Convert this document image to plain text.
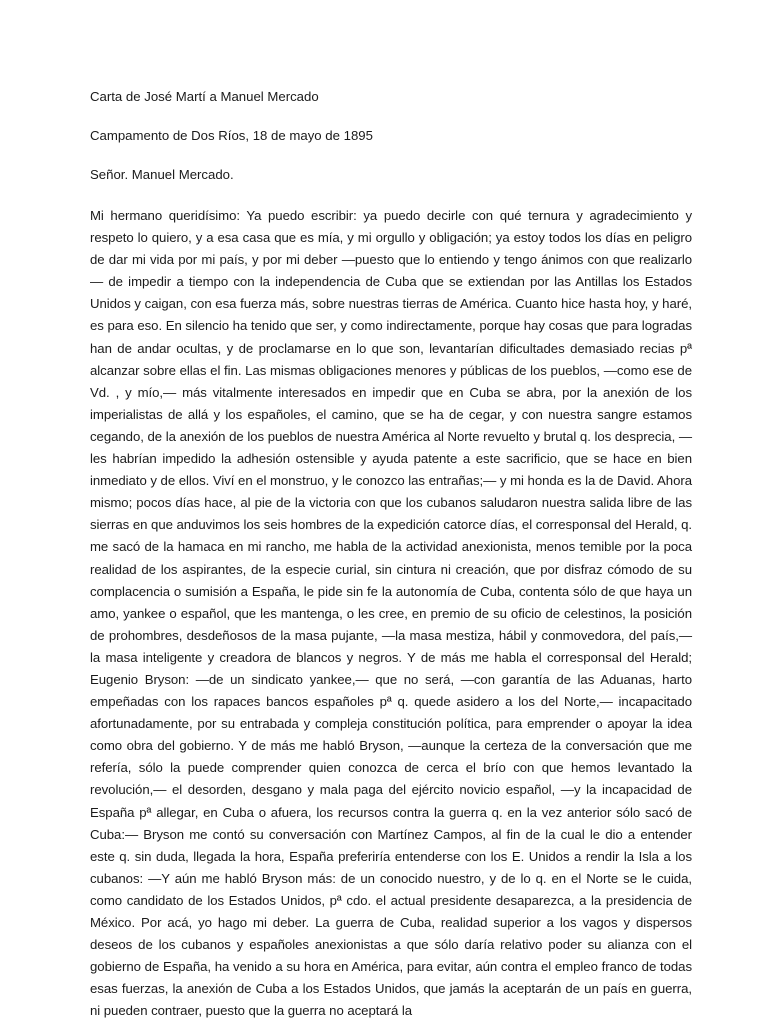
Carta de José Martí a Manuel Mercado

Campamento de Dos Ríos, 18 de mayo de 1895

Señor. Manuel Mercado.

Mi hermano queridísimo: Ya puedo escribir: ya puedo decirle con qué ternura y agradecimiento y respeto lo quiero, y a esa casa que es mía, y mi orgullo y obligación; ya estoy todos los días en peligro de dar mi vida por mi país, y por mi deber —puesto que lo entiendo y tengo ánimos con que realizarlo— de impedir a tiempo con la independencia de Cuba que se extiendan por las Antillas los Estados Unidos y caigan, con esa fuerza más, sobre nuestras tierras de América. Cuanto hice hasta hoy, y haré, es para eso. En silencio ha tenido que ser, y como indirectamente, porque hay cosas que para logradas han de andar ocultas, y de proclamarse en lo que son, levantarían dificultades demasiado recias pª alcanzar sobre ellas el fin. Las mismas obligaciones menores y públicas de los pueblos, —como ese de Vd. , y mío,— más vitalmente interesados en impedir que en Cuba se abra, por la anexión de los imperialistas de allá y los españoles, el camino, que se ha de cegar, y con nuestra sangre estamos cegando, de la anexión de los pueblos de nuestra América al Norte revuelto y brutal q. los desprecia, —les habrían impedido la adhesión ostensible y ayuda patente a este sacrificio, que se hace en bien inmediato y de ellos. Viví en el monstruo, y le conozco las entrañas;— y mi honda es la de David. Ahora mismo; pocos días hace, al pie de la victoria con que los cubanos saludaron nuestra salida libre de las sierras en que anduvimos los seis hombres de la expedición catorce días, el corresponsal del Herald, q. me sacó de la hamaca en mi rancho, me habla de la actividad anexionista, menos temible por la poca realidad de los aspirantes, de la especie curial, sin cintura ni creación, que por disfraz cómodo de su complacencia o sumisión a España, le pide sin fe la autonomía de Cuba, contenta sólo de que haya un amo, yankee o español, que les mantenga, o les cree, en premio de su oficio de celestinos, la posición de prohombres, desdeñosos de la masa pujante, —la masa mestiza, hábil y conmovedora, del país,— la masa inteligente y creadora de blancos y negros. Y de más me habla el corresponsal del Herald; Eugenio Bryson: —de un sindicato yankee,— que no será, —con garantía de las Aduanas, harto empeñadas con los rapaces bancos españoles pª q. quede asidero a los del Norte,— incapacitado afortunadamente, por su entrabada y compleja constitución política, para emprender o apoyar la idea como obra del gobierno. Y de más me habló Bryson, —aunque la certeza de la conversación que me refería, sólo la puede comprender quien conozca de cerca el brío con que hemos levantado la revolución,— el desorden, desgano y mala paga del ejército novicio español, —y la incapacidad de España pª allegar, en Cuba o afuera, los recursos contra la guerra q. en la vez anterior sólo sacó de Cuba:— Bryson me contó su conversación con Martínez Campos, al fin de la cual le dio a entender este q. sin duda, llegada la hora, España preferiría entenderse con los E. Unidos a rendir la Isla a los cubanos: —Y aún me habló Bryson más: de un conocido nuestro, y de lo q. en el Norte se le cuida, como candidato de los Estados Unidos, pª cdo. el actual presidente desaparezca, a la presidencia de México. Por acá, yo hago mi deber. La guerra de Cuba, realidad superior a los vagos y dispersos deseos de los cubanos y españoles anexionistas a que sólo daría relativo poder su alianza con el gobierno de España, ha venido a su hora en América, para evitar, aún contra el empleo franco de todas esas fuerzas, la anexión de Cuba a los Estados Unidos, que jamás la aceptarán de un país en guerra, ni pueden contraer, puesto que la guerra no aceptará la
